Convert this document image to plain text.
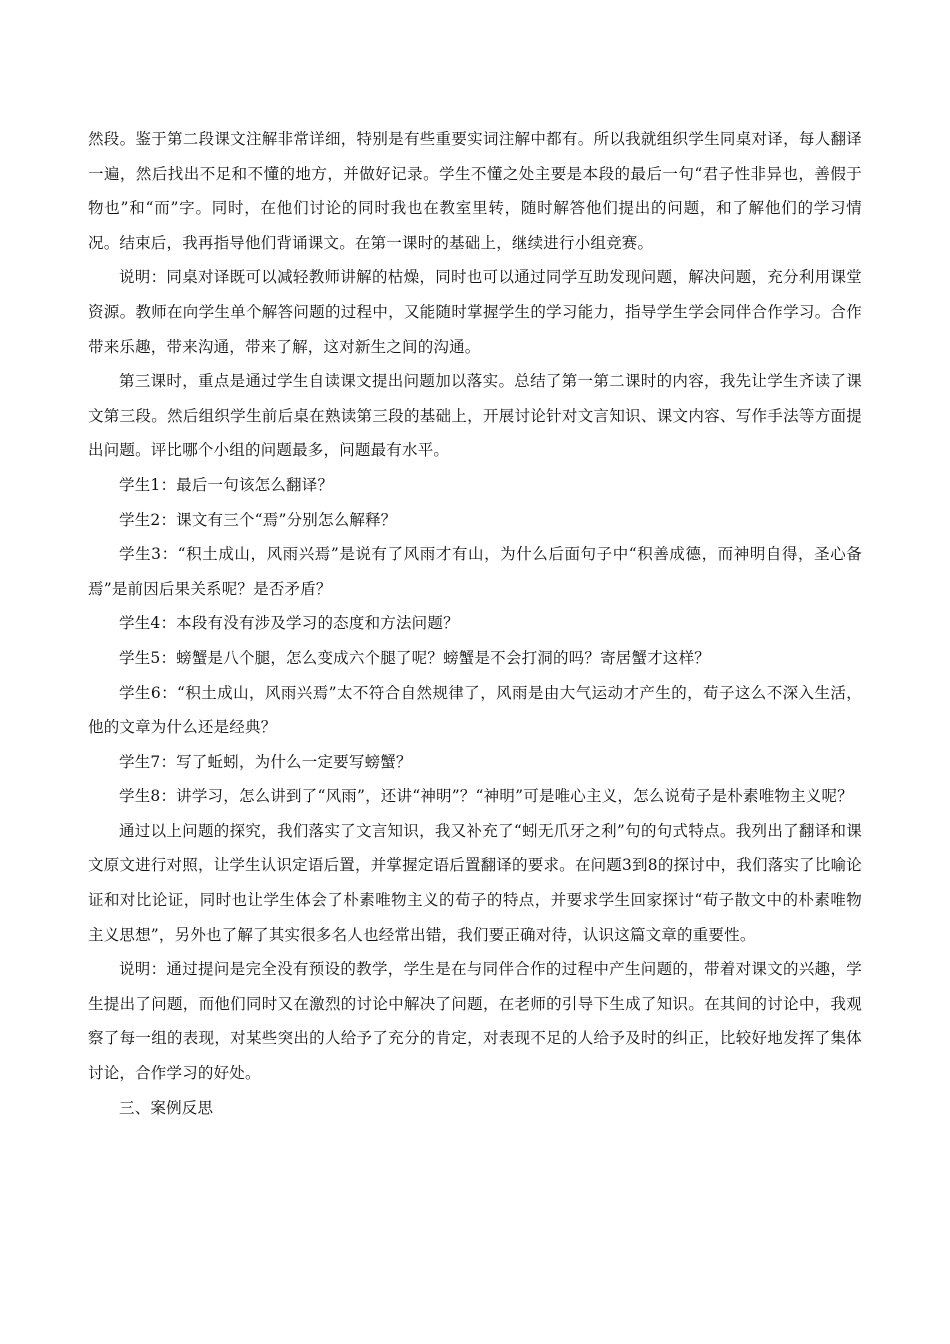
然段。鉴于第二段课文注解非常详细，特别是有些重要实词注解中都有。所以我就组织学生同桌对译，每人翻译一遍，然后找出不足和不懂的地方，并做好记录。学生不懂之处主要是本段的最后一句“君子性非异也，善假于物也”和“而”字。同时，在他们讨论的同时我也在教室里转，随时解答他们提出的问题，和了解他们的学习情况。结束后，我再指导他们背诵课文。在第一课时的基础上，继续进行小组竞赛。

说明：同桌对译既可以减轻教师讲解的枯燥，同时也可以通过同学互助发现问题，解决问题，充分利用课堂资源。教师在向学生单个解答问题的过程中，又能随时掌握学生的学习能力，指导学生学会同伴合作学习。合作带来乐趣，带来沟通，带来了解，这对新生之间的沟通。

第三课时，重点是通过学生自读课文提出问题加以落实。总结了第一第二课时的内容，我先让学生齐读了课文第三段。然后组织学生前后桌在熟读第三段的基础上，开展讨论针对文言知识、课文内容、写作手法等方面提出问题。评比哪个小组的问题最多，问题最有水平。

学生1：最后一句该怎么翻译？

学生2：课文有三个“焉”分别怎么解释？

学生3：“积土成山，风雨兴焉”是说有了风雨才有山，为什么后面句子中“积善成德，而神明自得，圣心备焉”是前因后果关系呢？是否矛盾？

学生4：本段有没有涉及学习的态度和方法问题？

学生5：螃蟹是八个腿，怎么变成六个腿了呢？螃蟹是不会打洞的吗？寄居蟹才这样？

学生6：“积土成山，风雨兴焉”太不符合自然规律了，风雨是由大气运动才产生的，荀子这么不深入生活，他的文章为什么还是经典？

学生7：写了蚯蚓，为什么一定要写螃蟹？

学生8：讲学习，怎么讲到了“风雨”，还讲“神明”？“神明”可是唯心主义，怎么说荀子是朴素唯物主义呢？

通过以上问题的探究，我们落实了文言知识，我又补充了“蚓无爪牙之利”句的句式特点。我列出了翻译和课文原文进行对照，让学生认识定语后置，并掌握定语后置翻译的要求。在问题3到8的探讨中，我们落实了比喻论证和对比论证，同时也让学生体会了朴素唯物主义的荀子的特点，并要求学生回家探讨“荀子散文中的朴素唯物主义思想”，另外也了解了其实很多名人也经常出错，我们要正确对待，认识这篇文章的重要性。

说明：通过提问是完全没有预设的教学，学生是在与同伴合作的过程中产生问题的，带着对课文的兴趣，学生提出了问题，而他们同时又在激烈的讨论中解决了问题，在老师的引导下生成了知识。在其间的讨论中，我观察了每一组的表现，对某些突出的人给予了充分的肯定，对表现不足的人给予及时的纠正，比较好地发挥了集体讨论，合作学习的好处。

三、案例反思
